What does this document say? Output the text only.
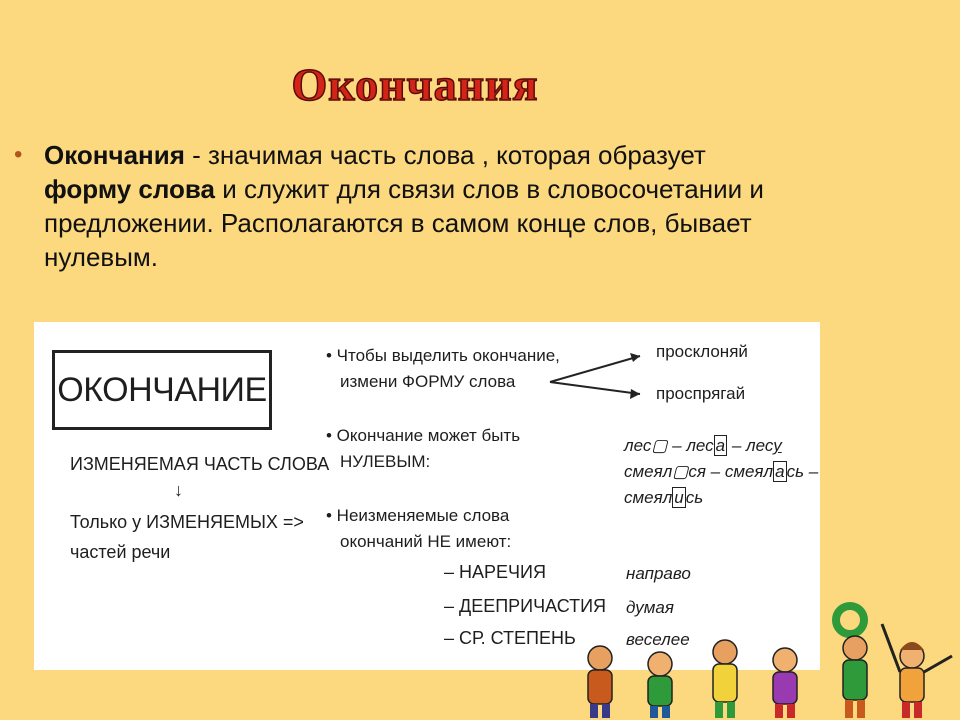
Окончания
• Окончания - значимая часть слова , которая образует форму слова и служит для связи слов в словосочетании и предложении. Располагаются в самом конце слов, бывает нулевым.
ОКОНЧАНИЕ
ИЗМЕНЯЕМАЯ ЧАСТЬ СЛОВА
↓
Только у ИЗМЕНЯЕМЫХ =>
частей речи
• Чтобы выделить окончание,
измени ФОРМУ слова
просклоняй
проспрягай
• Окончание может быть
НУЛЕВЫМ:
лес▢ – лес а – лесу
смеял▢ся – смеял а сь –
смеял и сь
• Неизменяемые слова
окончаний НЕ имеют:
– НАРЕЧИЯ
– ДЕЕПРИЧАСТИЯ
– СР. СТЕПЕНЬ
направо
думая
веселее
